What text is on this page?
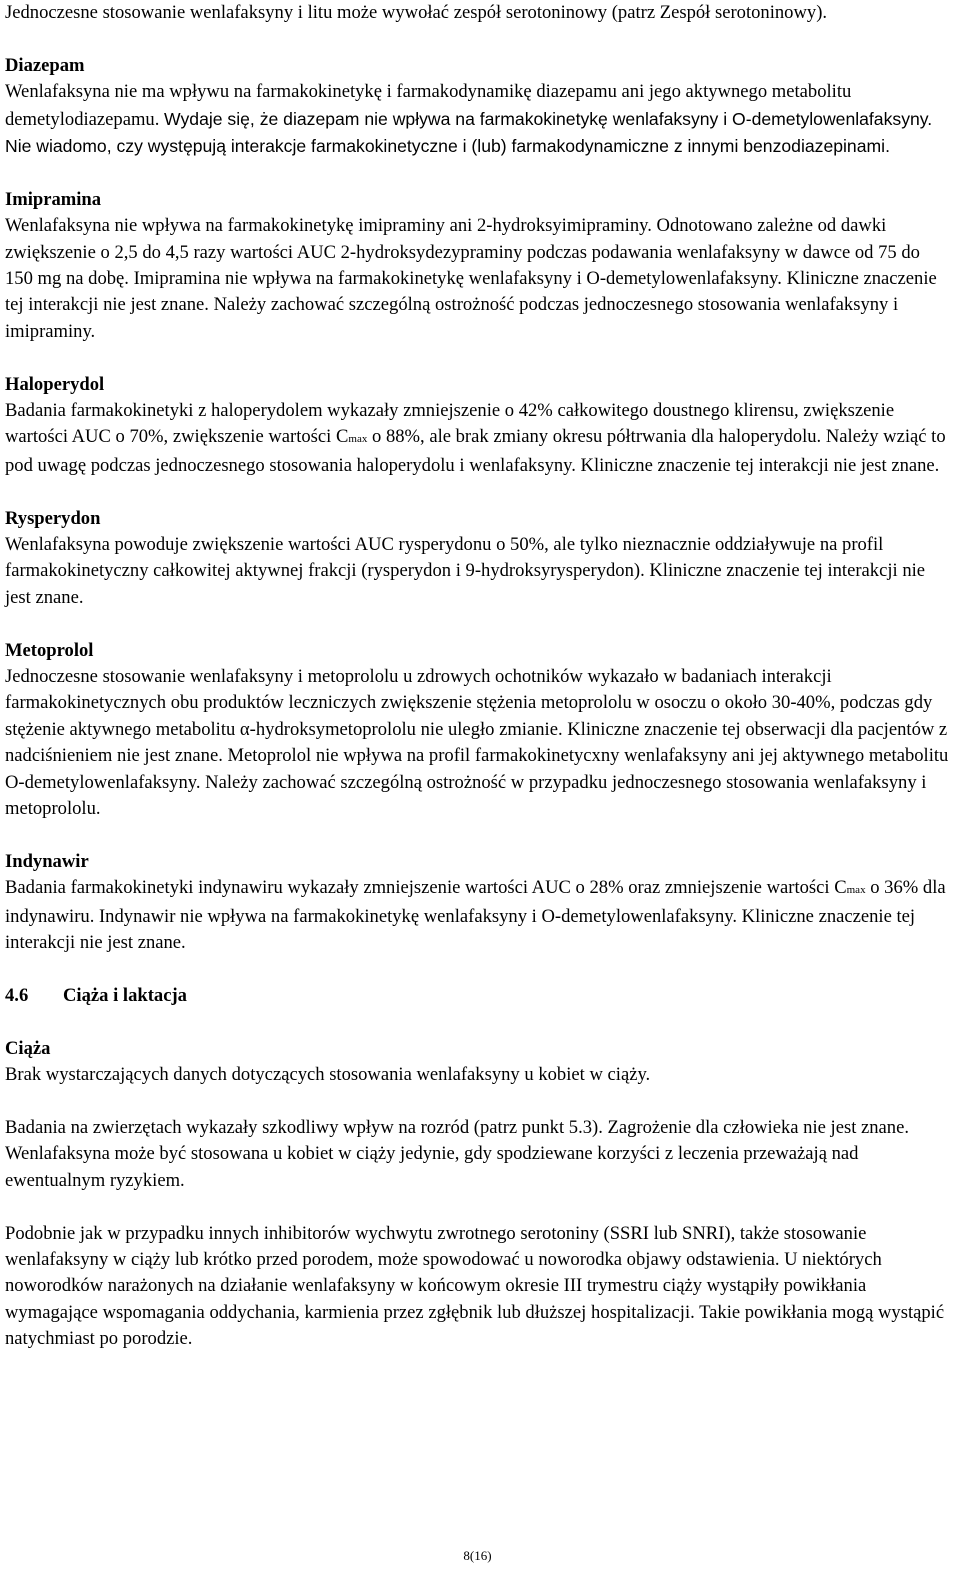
Jednoczesne stosowanie wenlafaksyny i litu może wywołać zespół serotoninowy (patrz Zespół serotoninowy).

Diazepam

Wenlafaksyna nie ma wpływu na farmakokinetykę i farmakodynamikę diazepamu ani jego aktywnego metabolitu demetylodiazepamu. Wydaje się, że diazepam nie wpływa na farmakokinetykę wenlafaksyny i O-demetylowenlafaksyny. Nie wiadomo, czy występują interakcje farmakokinetyczne i (lub) farmakodynamiczne z innymi benzodiazepinami.

Imipramina

Wenlafaksyna nie wpływa na farmakokinetykę imipraminy ani 2-hydroksyimipraminy. Odnotowano zależne od dawki zwiększenie o 2,5 do 4,5 razy wartości AUC 2-hydroksydezypraminy podczas podawania wenlafaksyny w dawce od 75 do 150 mg na dobę. Imipramina nie wpływa na farmakokinetykę wenlafaksyny i O-demetylowenlafaksyny. Kliniczne znaczenie tej interakcji nie jest znane. Należy zachować szczególną ostrożność podczas jednoczesnego stosowania wenlafaksyny i imipraminy.

Haloperydol

Badania farmakokinetyki z haloperydolem wykazały zmniejszenie o 42% całkowitego doustnego klirensu, zwiększenie wartości AUC o 70%, zwiększenie wartości Cmax o 88%, ale brak zmiany okresu półtrwania dla haloperydolu. Należy wziąć to pod uwagę podczas jednoczesnego stosowania haloperydolu i wenlafaksyny. Kliniczne znaczenie tej interakcji nie jest znane.

Rysperydon

Wenlafaksyna powoduje zwiększenie wartości AUC rysperydonu o 50%, ale tylko nieznacznie oddziaływuje na profil farmakokinetyczny całkowitej aktywnej frakcji (rysperydon i 9-hydroksyrysperydon). Kliniczne znaczenie tej interakcji nie jest znane.

Metoprolol

Jednoczesne stosowanie wenlafaksyny i metoprololu u zdrowych ochotników wykazało w badaniach interakcji farmakokinetycznych obu produktów leczniczych zwiększenie stężenia metoprololu w osoczu o około 30-40%, podczas gdy stężenie aktywnego metabolitu α-hydroksymetoprololu nie uległo zmianie. Kliniczne znaczenie tej obserwacji dla pacjentów z nadciśnieniem nie jest znane. Metoprolol nie wpływa na profil farmakokinetycxny wenlafaksyny ani jej aktywnego metabolitu O-demetylowenlafaksyny. Należy zachować szczególną ostrożność w przypadku jednoczesnego stosowania wenlafaksyny i metoprololu.

Indynawir

Badania farmakokinetyki indynawiru wykazały zmniejszenie wartości AUC o 28% oraz zmniejszenie wartości Cmax o 36% dla indynawiru. Indynawir nie wpływa na farmakokinetykę wenlafaksyny i O-demetylowenlafaksyny. Kliniczne znaczenie tej interakcji nie jest znane.

4.6 Ciąża i laktacja
Ciąża

Brak wystarczających danych dotyczących stosowania wenlafaksyny u kobiet w ciąży.

Badania na zwierzętach wykazały szkodliwy wpływ na rozród (patrz punkt 5.3). Zagrożenie dla człowieka nie jest znane. Wenlafaksyna może być stosowana u kobiet w ciąży jedynie, gdy spodziewane korzyści z leczenia przeważają nad ewentualnym ryzykiem.

Podobnie jak w przypadku innych inhibitorów wychwytu zwrotnego serotoniny (SSRI lub SNRI), także stosowanie wenlafaksyny w ciąży lub krótko przed porodem, może spowodować u noworodka objawy odstawienia. U niektórych noworodków narażonych na działanie wenlafaksyny w końcowym okresie III trymestru ciąży wystąpiły powikłania wymagające wspomagania oddychania, karmienia przez zgłębnik lub dłuższej hospitalizacji. Takie powikłania mogą wystąpić natychmiast po porodzie.

8(16)
